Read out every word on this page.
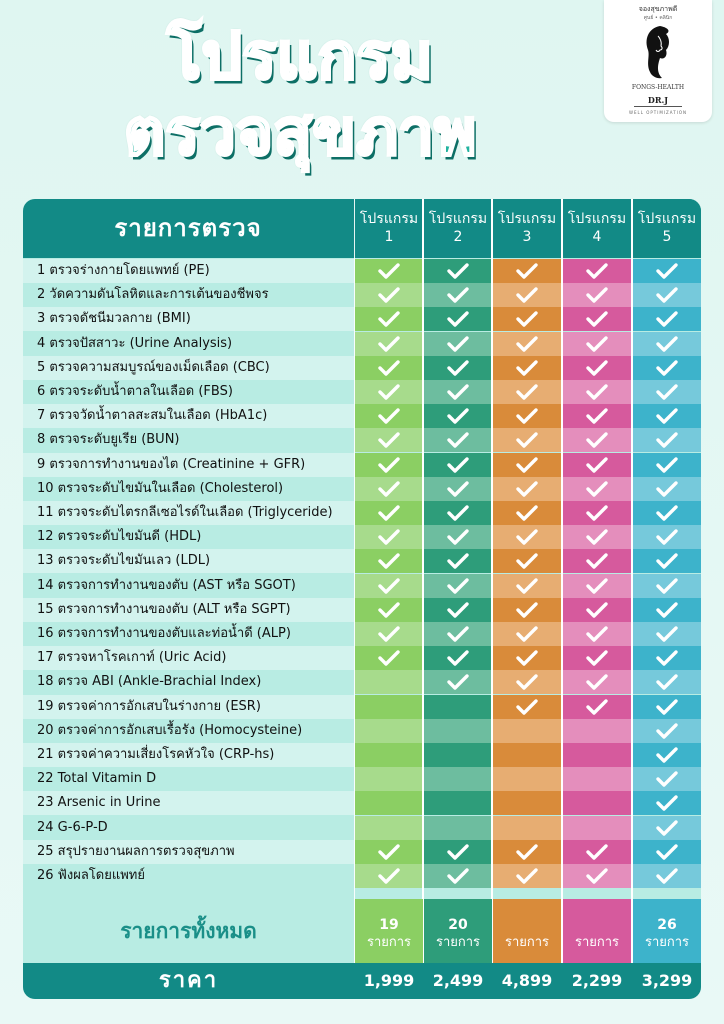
โปรแกรม
ตรวจสุขภาพ
จองสุขภาพดี
ศูนย์ • คลินิก
FONGS-HEALTH
DR.J
WELL OPTIMIZATION
รายการตรวจ
1 ตรวจร่างกายโดยแพทย์ (PE)
2 วัดความดันโลหิตและการเต้นของชีพจร
3 ตรวจดัชนีมวลกาย (BMI)
4 ตรวจปัสสาวะ (Urine Analysis)
5 ตรวจความสมบูรณ์ของเม็ดเลือด (CBC)
6 ตรวจระดับน้ำตาลในเลือด (FBS)
7 ตรวจวัดน้ำตาลสะสมในเลือด (HbA1c)
8 ตรวจระดับยูเรีย (BUN)
9 ตรวจการทำงานของไต (Creatinine + GFR)
10 ตรวจระดับไขมันในเลือด (Cholesterol)
11 ตรวจระดับไตรกลีเซอไรด์ในเลือด (Triglyceride)
12 ตรวจระดับไขมันดี (HDL)
13 ตรวจระดับไขมันเลว (LDL)
14 ตรวจการทำงานของตับ (AST หรือ SGOT)
15 ตรวจการทำงานของตับ (ALT หรือ SGPT)
16 ตรวจการทำงานของตับและท่อน้ำดี (ALP)
17 ตรวจหาโรคเกาท์ (Uric Acid)
18 ตรวจ ABI (Ankle-Brachial Index)
19 ตรวจค่าการอักเสบในร่างกาย (ESR)
20 ตรวจค่าการอักเสบเรื้อรัง (Homocysteine)
21 ตรวจค่าความเสี่ยงโรคหัวใจ (CRP-hs)
22 Total Vitamin D
23 Arsenic in Urine
24 G-6-P-D
25 สรุปรายงานผลการตรวจสุขภาพ
26 ฟังผลโดยแพทย์
โปรแกรม
1
โปรแกรม
2
โปรแกรม
3
โปรแกรม
4
โปรแกรม
5
รายการทั้งหมด
ราคา
19
รายการ
1,999
20
รายการ
2,499
รายการ
4,899
รายการ
2,299
26
รายการ
3,299
